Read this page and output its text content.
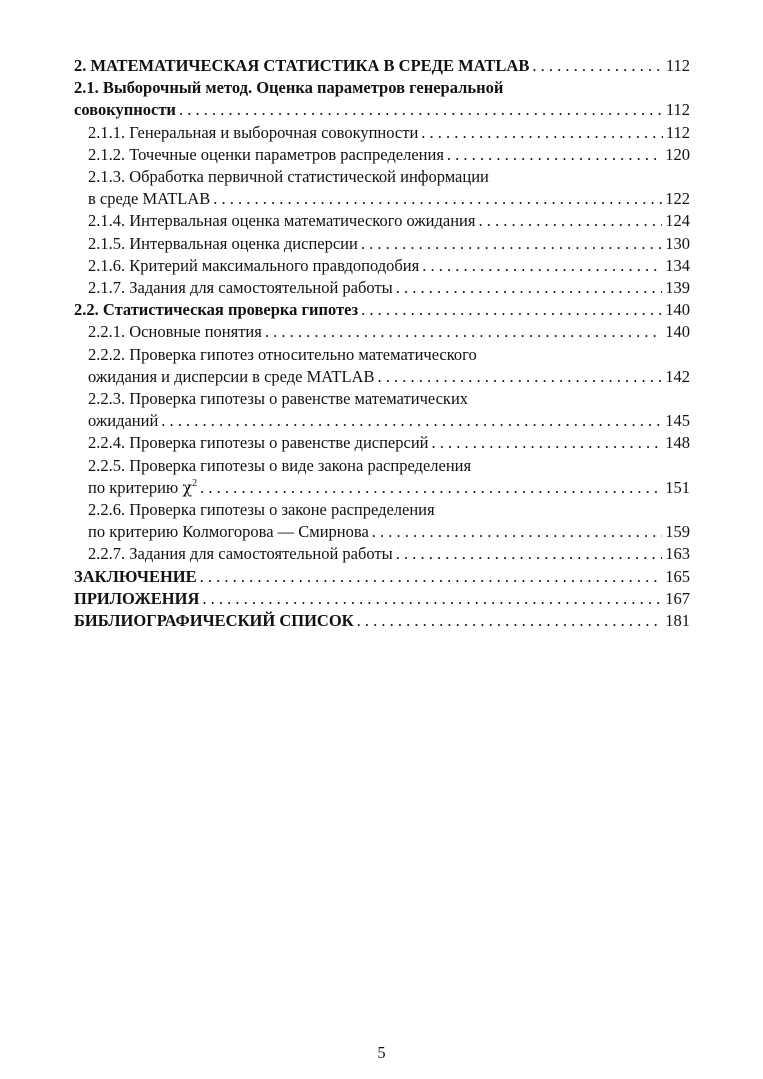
2. МАТЕМАТИЧЕСКАЯ СТАТИСТИКА В СРЕДЕ MATLAB . . .	112
2.1. Выборочный метод. Оценка параметров генеральной
совокупности . . .	112
2.1.1. Генеральная и выборочная совокупности . . .	112
2.1.2. Точечные оценки параметров распределения . . .	120
2.1.3. Обработка первичной статистической информации
в среде MATLAB . . .	122
2.1.4. Интервальная оценка математического ожидания . . .	124
2.1.5. Интервальная оценка дисперсии . . .	130
2.1.6. Критерий максимального правдоподобия . . .	134
2.1.7. Задания для самостоятельной работы . . .	139
2.2. Статистическая проверка гипотез . . .	140
2.2.1. Основные понятия . . .	140
2.2.2. Проверка гипотез относительно математического
ожидания и дисперсии в среде MATLAB . . .	142
2.2.3. Проверка гипотезы о равенстве математических
ожиданий . . .	145
2.2.4. Проверка гипотезы о равенстве дисперсий . . .	148
2.2.5. Проверка гипотезы о виде закона распределения
по критерию $\chi^2$ . . .	151
2.2.6. Проверка гипотезы о законе распределения
по критерию Колмогорова — Смирнова . . .	159
2.2.7. Задания для самостоятельной работы . . .	163
ЗАКЛЮЧЕНИЕ . . .	165
ПРИЛОЖЕНИЯ . . .	167
БИБЛИОГРАФИЧЕСКИЙ СПИСОК . . .	181
5
